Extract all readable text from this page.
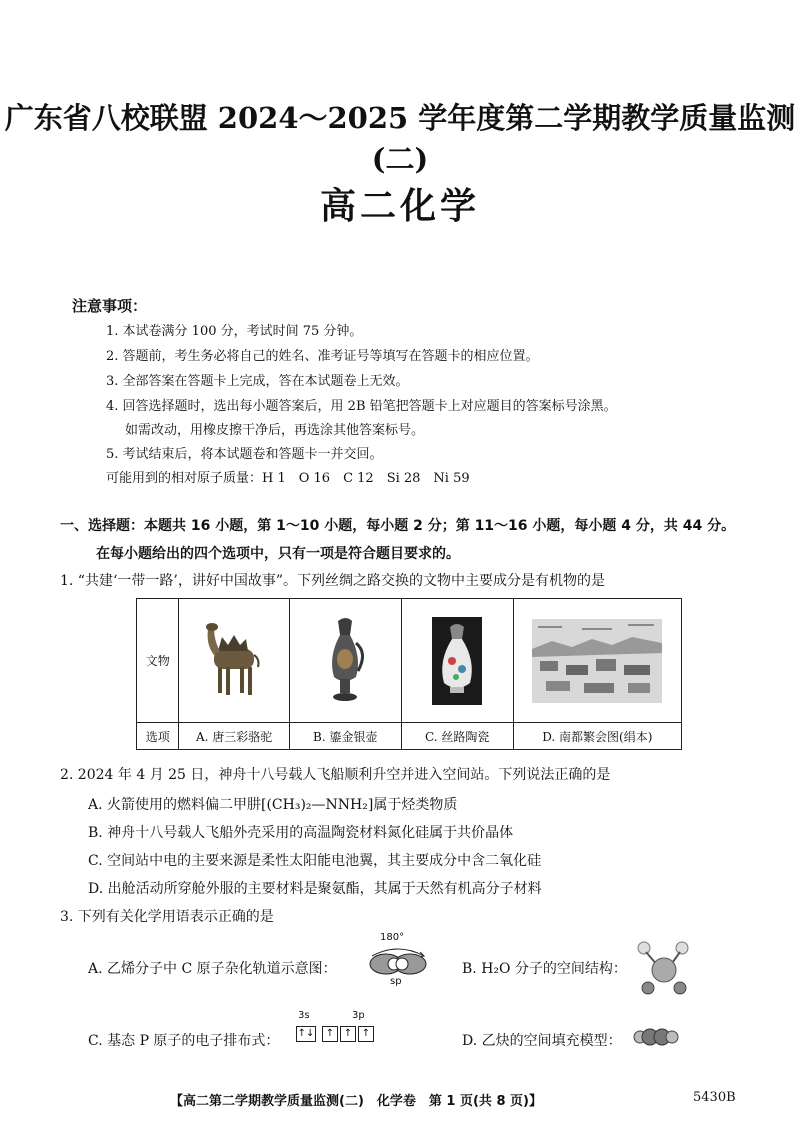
广东省八校联盟 2024～2025 学年度第二学期教学质量监测(二)
高二化学
注意事项：
1. 本试卷满分 100 分，考试时间 75 分钟。
2. 答题前，考生务必将自己的姓名、准考证号等填写在答题卡的相应位置。
3. 全部答案在答题卡上完成，答在本试题卷上无效。
4. 回答选择题时，选出每小题答案后，用 2B 铅笔把答题卡上对应题目的答案标号涂黑。
如需改动，用橡皮擦干净后，再选涂其他答案标号。
5. 考试结束后，将本试题卷和答题卡一并交回。
可能用到的相对原子质量：H 1　O 16　C 12　Si 28　Ni 59
一、选择题：本题共 16 小题，第 1～10 小题，每小题 2 分；第 11～16 小题，每小题 4 分，共 44 分。
在每小题给出的四个选项中，只有一项是符合题目要求的。
1. “共建‘一带一路’，讲好中国故事”。下列丝绸之路交换的文物中主要成分是有机物的是
文物	

选项	A. 唐三彩骆驼	B. 鎏金银壶	C. 丝路陶瓷	D. 南都繁会图(绢本)
2. 2024 年 4 月 25 日，神舟十八号载人飞船顺利升空并进入空间站。下列说法正确的是
A. 火箭使用的燃料偏二甲肼[(CH₃)₂—NNH₂]属于烃类物质
B. 神舟十八号载人飞船外壳采用的高温陶瓷材料氮化硅属于共价晶体
C. 空间站中电的主要来源是柔性太阳能电池翼，其主要成分中含二氧化硅
D. 出舱活动所穿舱外服的主要材料是聚氨酯，其属于天然有机高分子材料
3. 下列有关化学用语表示正确的是
A. 乙烯分子中 C 原子杂化轨道示意图：
180°
sp
B. H₂O 分子的空间结构：
C. 基态 P 原子的电子排布式：
3s	3p
↑↓	↑ ↑ ↑	D. 乙炔的空间填充模型：
【高二第二学期教学质量监测(二)　化学卷　第 1 页(共 8 页)】	5430B
